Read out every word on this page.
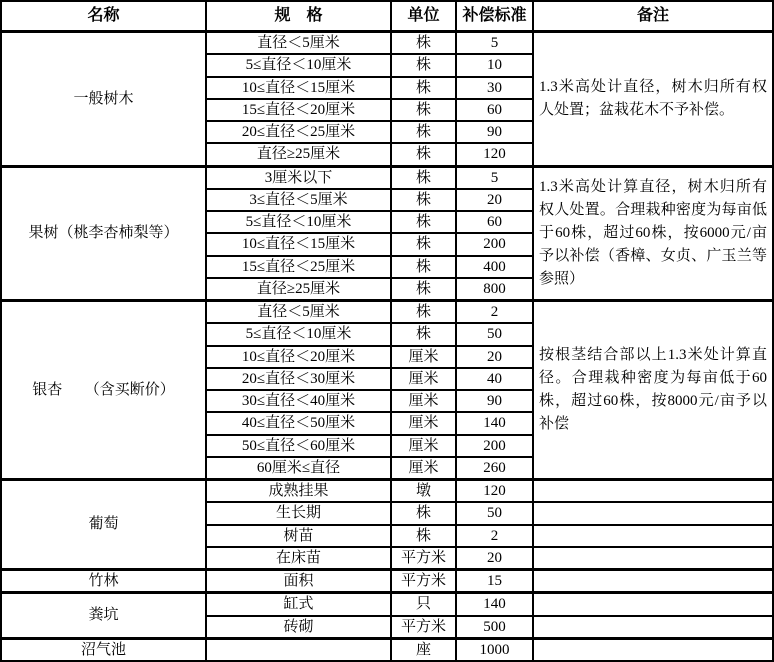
名称	规　格	单位	补偿标准	备注
一般树木	直径＜5厘米	株	5	1.3米高处计直径，树木归所有权人处置；盆栽花木不予补偿。
	5≤直径＜10厘米	株	10	
	10≤直径＜15厘米	株	30	
	15≤直径＜20厘米	株	60	
	20≤直径＜25厘米	株	90	
	直径≥25厘米	株	120	
果树（桃李杏柿梨等）	3厘米以下	株	5	1.3米高处计算直径，树木归所有权人处置。合理栽种密度为每亩低于60株，超过60株，按6000元/亩予以补偿（香樟、女贞、广玉兰等参照）
	3≤直径＜5厘米	株	20	
	5≤直径＜10厘米	株	60	
	10≤直径＜15厘米	株	200	
	15≤直径＜25厘米	株	400	
	直径≥25厘米	株	800	
银杏　　（含买断价）	直径＜5厘米	株	2	按根茎结合部以上1.3米处计算直径。合理栽种密度为每亩低于60株，超过60株，按8000元/亩予以补偿
	5≤直径＜10厘米	株	50	
	10≤直径＜20厘米	厘米	20	
	20≤直径＜30厘米	厘米	40	
	30≤直径＜40厘米	厘米	90	
	40≤直径＜50厘米	厘米	140	
	50≤直径＜60厘米	厘米	200	
	60厘米≤直径	厘米	260	
葡萄	成熟挂果	墩	120	
	生长期	株	50	
	树苗	株	2	
	在床苗	平方米	20	
竹林	面积	平方米	15	
粪坑	缸式	只	140	
	砖砌	平方米	500	
沼气池		座	1000	
